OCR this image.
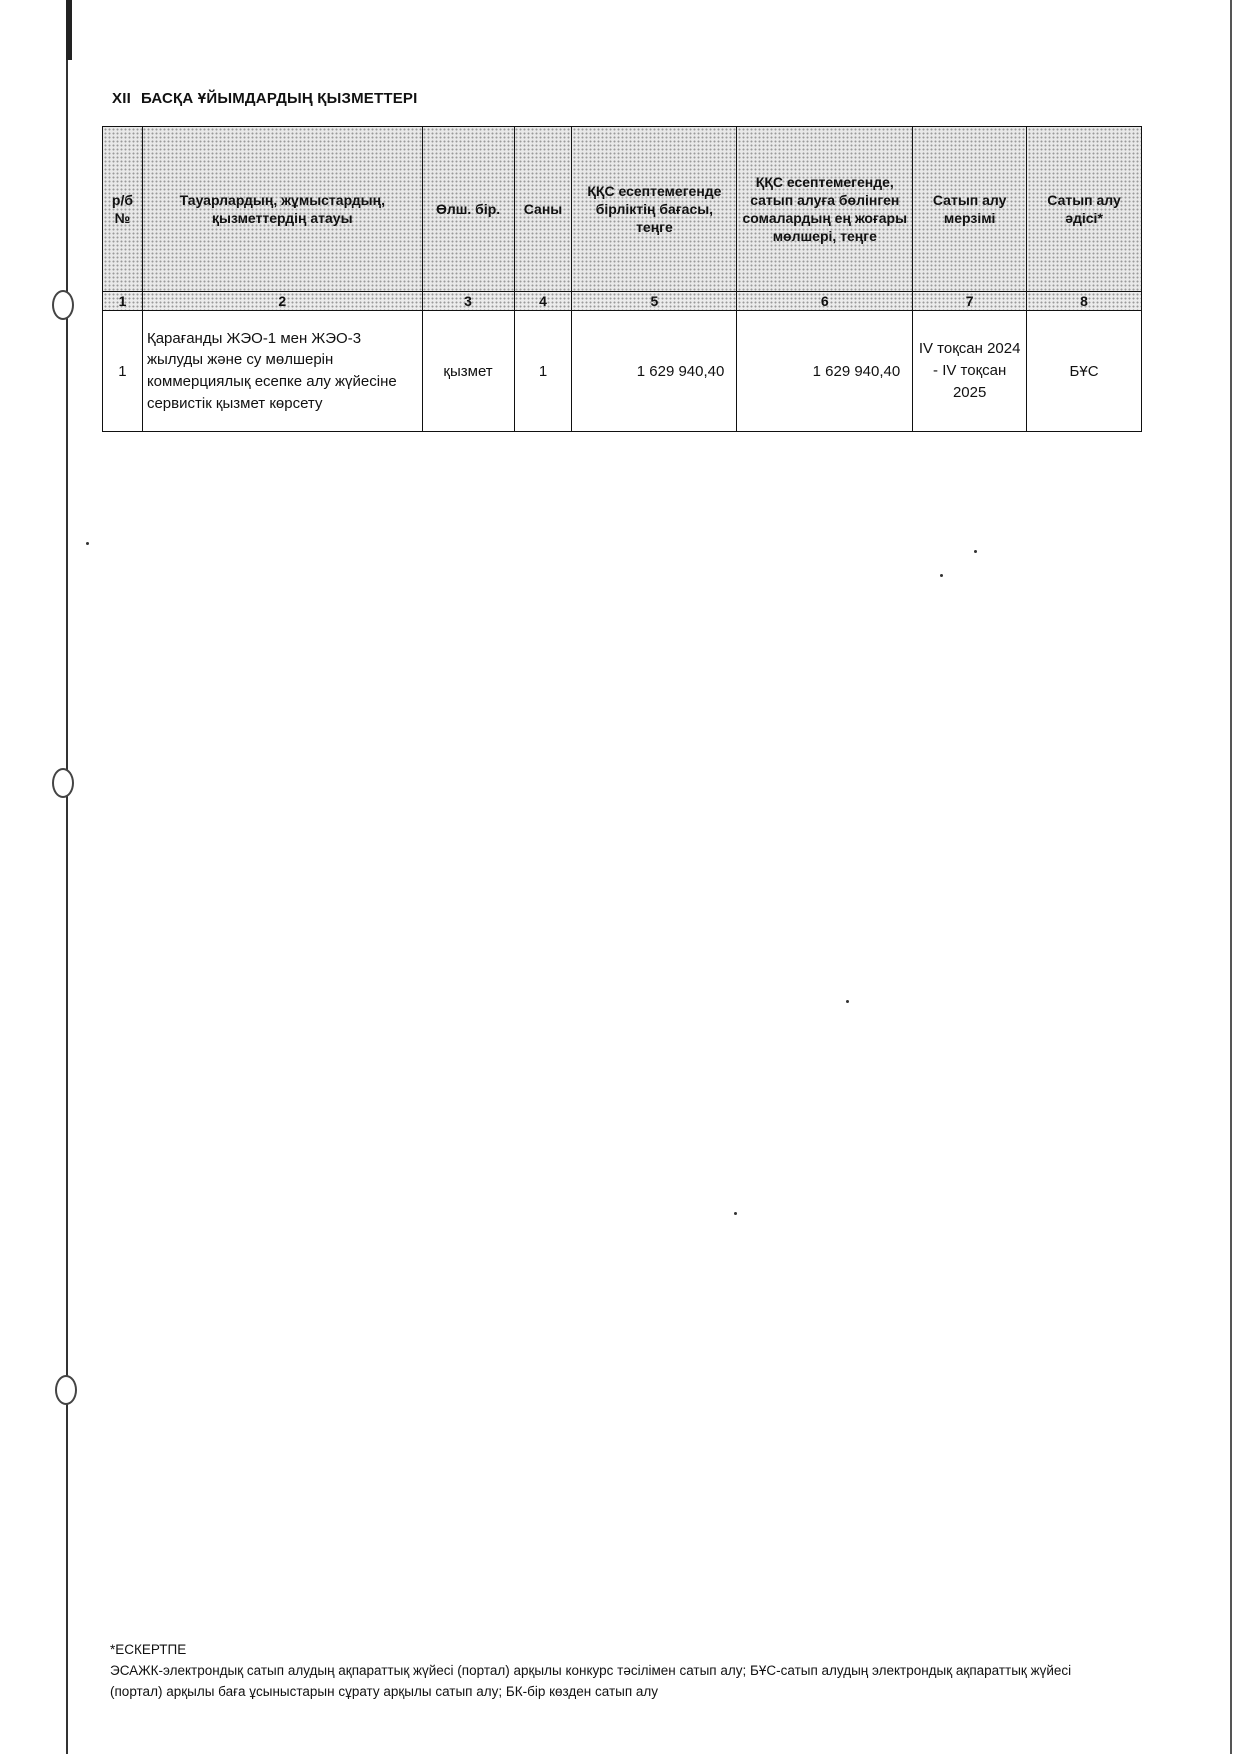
XII БАСҚА ҰЙЫМДАРДЫҢ ҚЫЗМЕТТЕРІ
р/б №	Тауарлардың, жұмыстардың, қызметтердің атауы	Өлш. бір.	Саны	ҚҚС есептемегенде бірліктің бағасы, теңге	ҚҚС есептемегенде, сатып алуға бөлінген сомалардың ең жоғары мөлшері, теңге	Сатып алу мерзімі	Сатып алу әдісі*
1	2	3	4	5	6	7	8
1	Қарағанды ЖЭО-1 мен ЖЭО-3 жылуды және су мөлшерін коммерциялық есепке алу жүйесіне сервистік қызмет көрсету	қызмет	1	1 629 940,40	1 629 940,40	IV тоқсан 2024 - IV тоқсан 2025	БҰС
*ЕСКЕРТПЕ
ЭСАЖК-электрондық сатып алудың ақпараттық жүйесі (портал) арқылы конкурс тәсілімен сатып алу; БҰС-сатып алудың электрондық ақпараттық жүйесі (портал) арқылы баға ұсыныстарын сұрату арқылы сатып алу; БК-бір көзден сатып алу
